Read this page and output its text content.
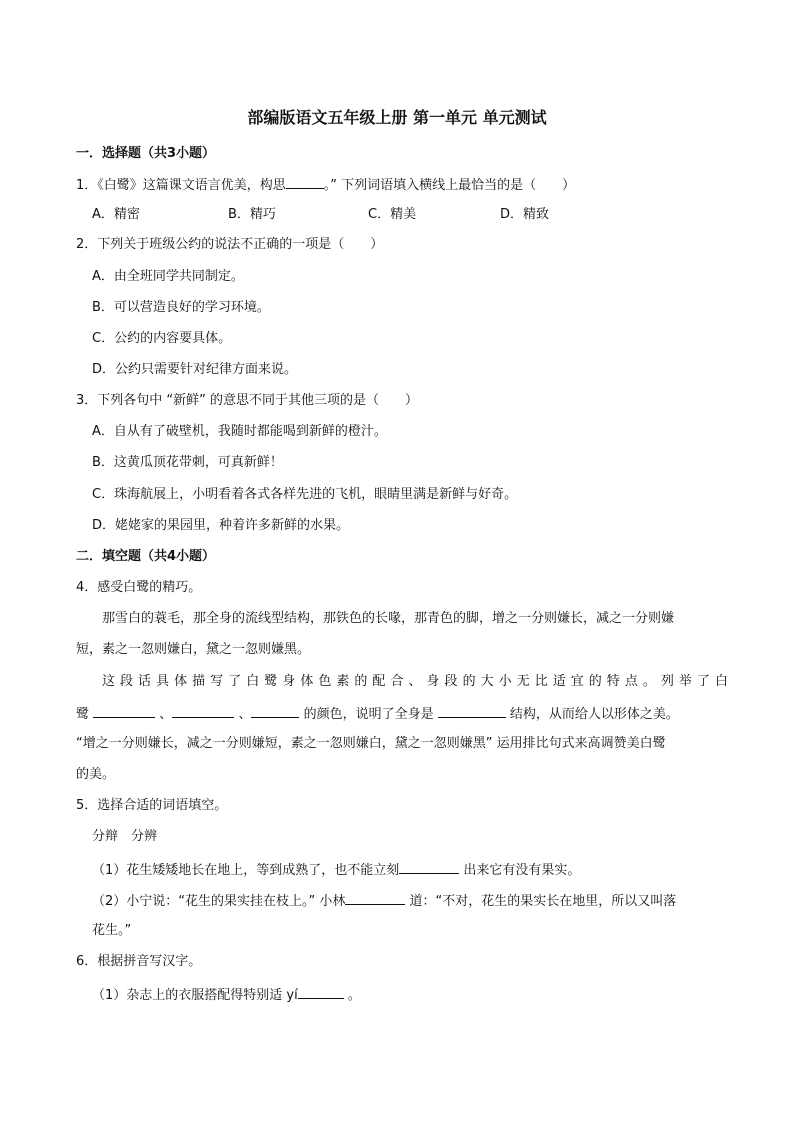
部编版语文五年级上册 第一单元 单元测试
一．选择题（共3小题）
1．《白鹭》这篇课文语言优美，构思	。” 下列词语填入横线上最恰当的是（　　）
A．精密	B．精巧	C．精美	D．精致
2．下列关于班级公约的说法不正确的一项是（　　）
A．由全班同学共同制定。
B．可以营造良好的学习环境。
C．公约的内容要具体。
D．公约只需要针对纪律方面来说。
3．下列各句中 “新鲜” 的意思不同于其他三项的是（　　）
A．自从有了破壁机，我随时都能喝到新鲜的橙汁。
B．这黄瓜顶花带刺，可真新鲜！
C．珠海航展上，小明看着各式各样先进的飞机，眼睛里满是新鲜与好奇。
D．姥姥家的果园里，种着许多新鲜的水果。
二．填空题（共4小题）
4．感受白鹭的精巧。
那雪白的蓑毛，那全身的流线型结构，那铁色的长喙，那青色的脚，增之一分则嫌长，减之一分则嫌
短，素之一忽则嫌白，黛之一忽则嫌黑。
这段话具体描写了白鹭身体色素的配合、身段的大小无比适宜的特点。列举了白
鹭	、	、	的颜色，说明了全身是	结构，从而给人以形体之美。
“增之一分则嫌长，减之一分则嫌短，素之一忽则嫌白，黛之一忽则嫌黑” 运用排比句式来高调赞美白鹭
的美。
5．选择合适的词语填空。
分辩　分辨
（1）花生矮矮地长在地上，等到成熟了，也不能立刻	出来它有没有果实。
（2）小宁说：“花生的果实挂在枝上。” 小林	道：“不对，花生的果实长在地里，所以又叫落
花生。”
6．根据拼音写汉字。
（1）杂志上的衣服搭配得特别适 yí	。
